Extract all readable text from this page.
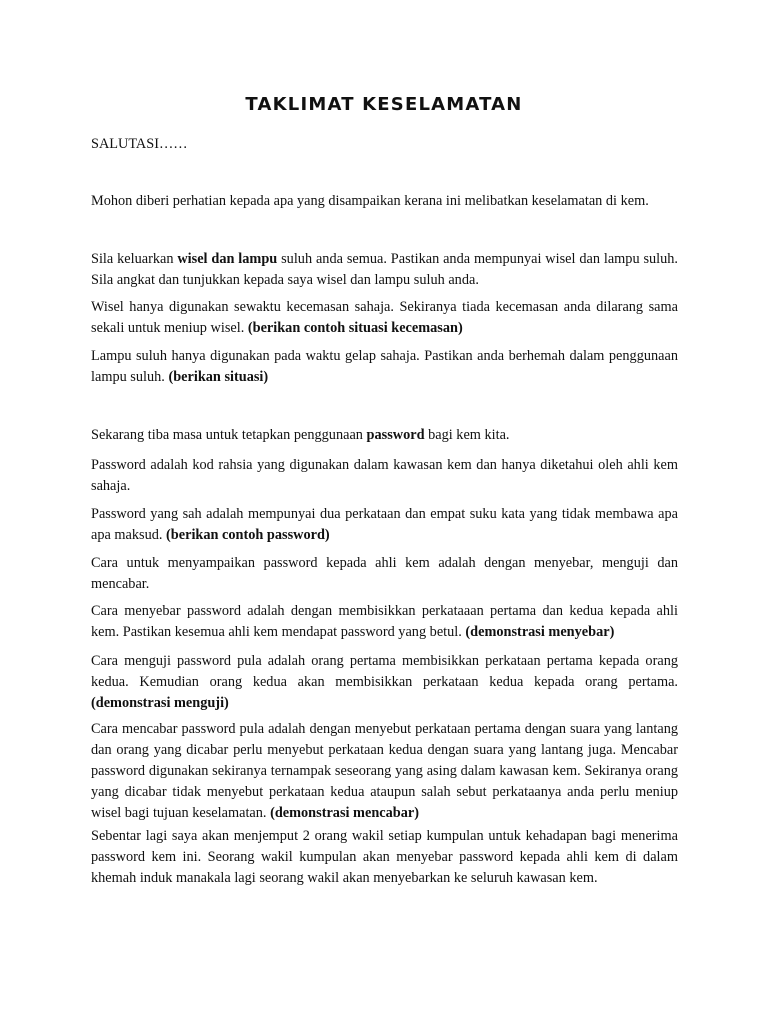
TAKLIMAT KESELAMATAN

SALUTASI……

Mohon diberi perhatian kepada apa yang disampaikan kerana ini melibatkan keselamatan di kem.

Sila keluarkan wisel dan lampu suluh anda semua. Pastikan anda mempunyai wisel dan lampu suluh. Sila angkat dan tunjukkan kepada saya wisel dan lampu suluh anda.

Wisel hanya digunakan sewaktu kecemasan sahaja. Sekiranya tiada kecemasan anda dilarang sama sekali untuk meniup wisel. (berikan contoh situasi kecemasan)

Lampu suluh hanya digunakan pada waktu gelap sahaja. Pastikan anda berhemah dalam penggunaan lampu suluh. (berikan situasi)

Sekarang tiba masa untuk tetapkan penggunaan password bagi kem kita.

Password adalah kod rahsia yang digunakan dalam kawasan kem dan hanya diketahui oleh ahli kem sahaja.

Password yang sah adalah mempunyai dua perkataan dan empat suku kata yang tidak membawa apa apa maksud. (berikan contoh password)

Cara untuk menyampaikan password kepada ahli kem adalah dengan menyebar, menguji dan mencabar.

Cara menyebar password adalah dengan membisikkan perkataaan pertama dan kedua kepada ahli kem. Pastikan kesemua ahli kem mendapat password yang betul. (demonstrasi menyebar)

Cara menguji password pula adalah orang pertama membisikkan perkataan pertama kepada orang kedua. Kemudian orang kedua akan membisikkan perkataan kedua kepada orang pertama. (demonstrasi menguji)

Cara mencabar password pula adalah dengan menyebut perkataan pertama dengan suara yang lantang dan orang yang dicabar perlu menyebut perkataan kedua dengan suara yang lantang juga. Mencabar password digunakan sekiranya ternampak seseorang yang asing dalam kawasan kem. Sekiranya orang yang dicabar tidak menyebut perkataan kedua ataupun salah sebut perkataanya anda perlu meniup wisel bagi tujuan keselamatan. (demonstrasi mencabar)

Sebentar lagi saya akan menjemput 2 orang wakil setiap kumpulan untuk kehadapan bagi menerima password kem ini. Seorang wakil kumpulan akan menyebar password kepada ahli kem di dalam khemah induk manakala lagi seorang wakil akan menyebarkan ke seluruh kawasan kem.
